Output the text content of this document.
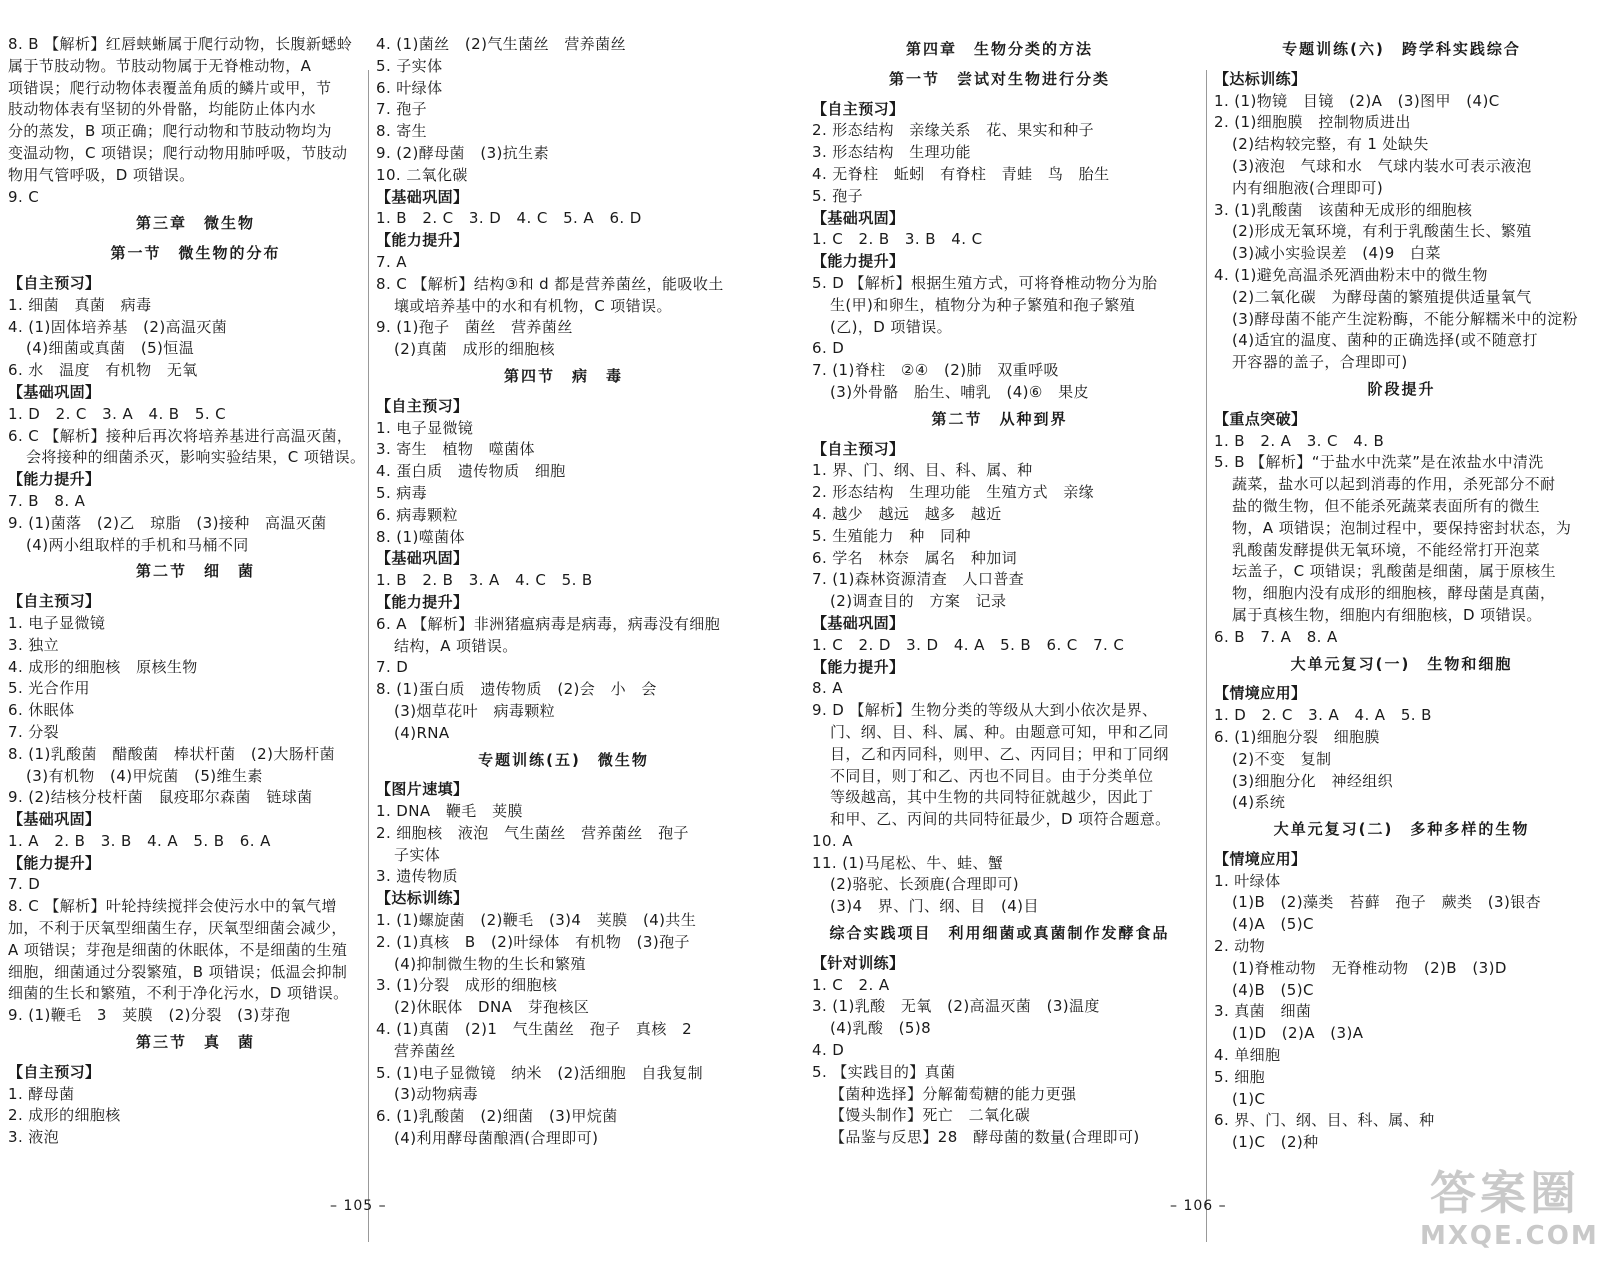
8. B 【解析】红唇蛱蜥属于爬行动物，长腹新蟋蛉

属于节肢动物。节肢动物属于无脊椎动物，A

项错误；爬行动物体表覆盖角质的鳞片或甲，节

肢动物体表有坚韧的外骨骼，均能防止体内水

分的蒸发，B 项正确；爬行动物和节肢动物均为

变温动物，C 项错误；爬行动物用肺呼吸，节肢动

物用气管呼吸，D 项错误。

9. C

第三章　微生物

第一节　微生物的分布

【自主预习】

1. 细菌　真菌　病毒

4. (1)固体培养基　(2)高温灭菌

(4)细菌或真菌　(5)恒温

6. 水　温度　有机物　无氧

【基础巩固】

1. D　2. C　3. A　4. B　5. C

6. C 【解析】接种后再次将培养基进行高温灭菌，

会将接种的细菌杀灭，影响实验结果，C 项错误。

【能力提升】

7. B　8. A

9. (1)菌落　(2)乙　琼脂　(3)接种　高温灭菌

(4)两小组取样的手机和马桶不同

第二节　细　菌

【自主预习】

1. 电子显微镜

3. 独立

4. 成形的细胞核　原核生物

5. 光合作用

6. 休眠体

7. 分裂

8. (1)乳酸菌　醋酸菌　棒状杆菌　(2)大肠杆菌

(3)有机物　(4)甲烷菌　(5)维生素

9. (2)结核分枝杆菌　鼠疫耶尔森菌　链球菌

【基础巩固】

1. A　2. B　3. B　4. A　5. B　6. A

【能力提升】

7. D

8. C 【解析】叶轮持续搅拌会使污水中的氧气增

加，不利于厌氧型细菌生存，厌氧型细菌会减少，

A 项错误；芽孢是细菌的休眠体，不是细菌的生殖

细胞，细菌通过分裂繁殖，B 项错误；低温会抑制

细菌的生长和繁殖，不利于净化污水，D 项错误。

9. (1)鞭毛　3　荚膜　(2)分裂　(3)芽孢

第三节　真　菌

【自主预习】

1. 酵母菌

2. 成形的细胞核

3. 液泡

4. (1)菌丝　(2)气生菌丝　营养菌丝

5. 子实体

6. 叶绿体

7. 孢子

8. 寄生

9. (2)酵母菌　(3)抗生素

10. 二氧化碳

【基础巩固】

1. B　2. C　3. D　4. C　5. A　6. D

【能力提升】

7. A

8. C 【解析】结构③和 d 都是营养菌丝，能吸收土

壤或培养基中的水和有机物，C 项错误。

9. (1)孢子　菌丝　营养菌丝

(2)真菌　成形的细胞核

第四节　病　毒

【自主预习】

1. 电子显微镜

3. 寄生　植物　噬菌体

4. 蛋白质　遗传物质　细胞

5. 病毒

6. 病毒颗粒

8. (1)噬菌体

【基础巩固】

1. B　2. B　3. A　4. C　5. B

【能力提升】

6. A 【解析】非洲猪瘟病毒是病毒，病毒没有细胞

结构，A 项错误。

7. D

8. (1)蛋白质　遗传物质　(2)会　小　会

(3)烟草花叶　病毒颗粒

(4)RNA

专题训练(五)　微生物

【图片速填】

1. DNA　鞭毛　荚膜

2. 细胞核　液泡　气生菌丝　营养菌丝　孢子

子实体

3. 遗传物质

【达标训练】

1. (1)螺旋菌　(2)鞭毛　(3)4　荚膜　(4)共生

2. (1)真核　B　(2)叶绿体　有机物　(3)孢子

(4)抑制微生物的生长和繁殖

3. (1)分裂　成形的细胞核

(2)休眠体　DNA　芽孢核区

4. (1)真菌　(2)1　气生菌丝　孢子　真核　2

营养菌丝

5. (1)电子显微镜　纳米　(2)活细胞　自我复制

(3)动物病毒

6. (1)乳酸菌　(2)细菌　(3)甲烷菌

(4)利用酵母菌酿酒(合理即可)

第四章　生物分类的方法

第一节　尝试对生物进行分类

【自主预习】

2. 形态结构　亲缘关系　花、果实和种子

3. 形态结构　生理功能

4. 无脊柱　蚯蚓　有脊柱　青蛙　鸟　胎生

5. 孢子

【基础巩固】

1. C　2. B　3. B　4. C

【能力提升】

5. D 【解析】根据生殖方式，可将脊椎动物分为胎

生(甲)和卵生，植物分为种子繁殖和孢子繁殖

(乙)，D 项错误。

6. D

7. (1)脊柱　②④　(2)肺　双重呼吸

(3)外骨骼　胎生、哺乳　(4)⑥　果皮

第二节　从种到界

【自主预习】

1. 界、门、纲、目、科、属、种

2. 形态结构　生理功能　生殖方式　亲缘

4. 越少　越远　越多　越近

5. 生殖能力　种　同种

6. 学名　林奈　属名　种加词

7. (1)森林资源清查　人口普查

(2)调查目的　方案　记录

【基础巩固】

1. C　2. D　3. D　4. A　5. B　6. C　7. C

【能力提升】

8. A

9. D 【解析】生物分类的等级从大到小依次是界、

门、纲、目、科、属、种。由题意可知，甲和乙同

目，乙和丙同科，则甲、乙、丙同目；甲和丁同纲

不同目，则丁和乙、丙也不同目。由于分类单位

等级越高，其中生物的共同特征就越少，因此丁

和甲、乙、丙间的共同特征最少，D 项符合题意。

10. A

11. (1)马尾松、牛、蛙、蟹

(2)骆驼、长颈鹿(合理即可)

(3)4　界、门、纲、目　(4)目

综合实践项目　利用细菌或真菌制作发酵食品

【针对训练】

1. C　2. A

3. (1)乳酸　无氧　(2)高温灭菌　(3)温度

(4)乳酸　(5)8

4. D

5. 【实践目的】真菌

【菌种选择】分解葡萄糖的能力更强

【馒头制作】死亡　二氧化碳

【品鉴与反思】28　酵母菌的数量(合理即可)

专题训练(六)　跨学科实践综合

【达标训练】

1. (1)物镜　目镜　(2)A　(3)图甲　(4)C

2. (1)细胞膜　控制物质进出

(2)结构较完整，有 1 处缺失

(3)液泡　气球和水　气球内装水可表示液泡

内有细胞液(合理即可)

3. (1)乳酸菌　该菌种无成形的细胞核

(2)形成无氧环境，有利于乳酸菌生长、繁殖

(3)减小实验误差　(4)9　白菜

4. (1)避免高温杀死酒曲粉末中的微生物

(2)二氧化碳　为酵母菌的繁殖提供适量氧气

(3)酵母菌不能产生淀粉酶，不能分解糯米中的淀粉

(4)适宜的温度、菌种的正确选择(或不随意打

开容器的盖子，合理即可)

阶段提升

【重点突破】

1. B　2. A　3. C　4. B

5. B 【解析】“于盐水中洗菜”是在浓盐水中清洗

蔬菜，盐水可以起到消毒的作用，杀死部分不耐

盐的微生物，但不能杀死蔬菜表面所有的微生

物，A 项错误；泡制过程中，要保持密封状态，为

乳酸菌发酵提供无氧环境，不能经常打开泡菜

坛盖子，C 项错误；乳酸菌是细菌，属于原核生

物，细胞内没有成形的细胞核，酵母菌是真菌，

属于真核生物，细胞内有细胞核，D 项错误。

6. B　7. A　8. A

大单元复习(一)　生物和细胞

【情境应用】

1. D　2. C　3. A　4. A　5. B

6. (1)细胞分裂　细胞膜

(2)不变　复制

(3)细胞分化　神经组织

(4)系统

大单元复习(二)　多种多样的生物

【情境应用】

1. 叶绿体

(1)B　(2)藻类　苔藓　孢子　蕨类　(3)银杏

(4)A　(5)C

2. 动物

(1)脊椎动物　无脊椎动物　(2)B　(3)D

(4)B　(5)C

3. 真菌　细菌

(1)D　(2)A　(3)A

4. 单细胞

5. 细胞

(1)C

6. 界、门、纲、目、科、属、种

(1)C　(2)种

– 105 –	– 106 –	答案圈
MXQE.COM
